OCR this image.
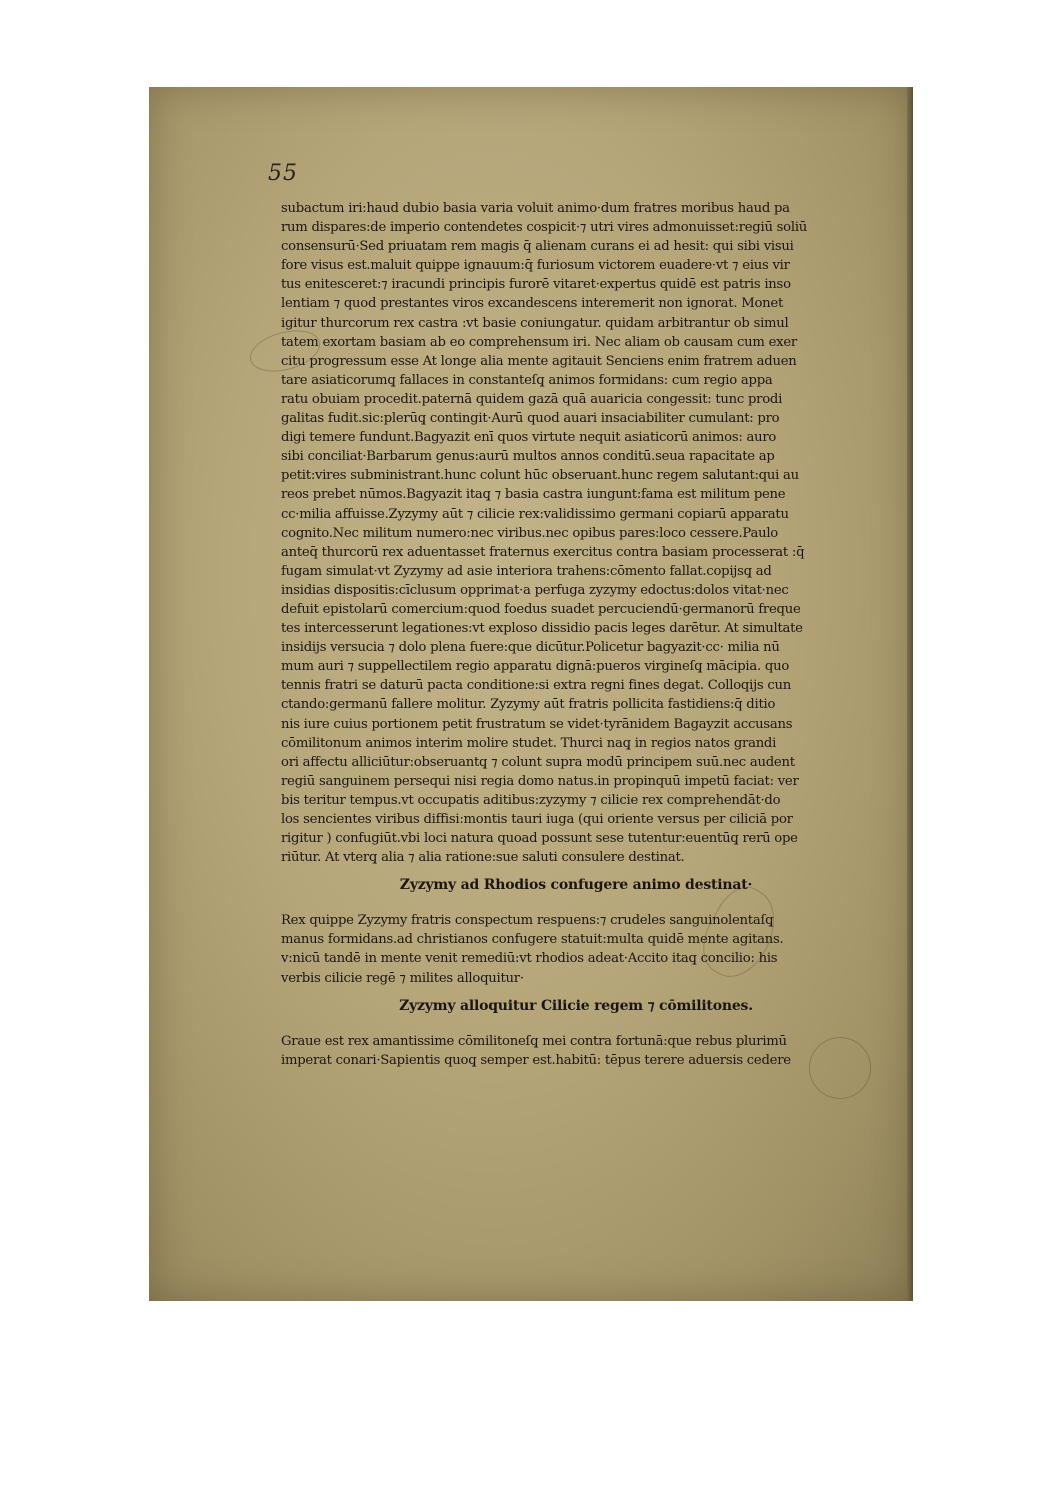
55
subactum iri:haud dubio basia varia voluit animo·dum fratres moribus haud pa
rum dispares:de imperio contendetes cospicit·⁊ utri vires admonuisset:regiū soliū
consensurū·Sed priuatam rem magis q̄ alienam curans ei ad hesit: qui sibi visui
fore visus est.maluit quippe ignauum:q̄ furiosum victorem euadere·vt ⁊ eius vir
tus enitesceret:⁊ iracundi principis furorē vitaret·expertus quidē est patris inso
lentiam ⁊ quod prestantes viros excandescens interemerit non ignorat. Monet
igitur thurcorum rex castra :vt basie coniungatur. quidam arbitrantur ob simul
tatem exortam basiam ab eo comprehensum iri. Nec aliam ob causam cum exer
citu progressum esse At longe alia mente agitauit Senciens enim fratrem aduen
tare asiaticorumq̧ fallaces in constanteſq̧ animos formidans: cum regio appa
ratu obuiam procedit.paternā quidem gazā quā auaricia congessit: tunc prodi
galitas fudit.sic:plerūq̧ contingit·Aurū quod auari insaciabiliter cumulant: pro
digi temere fundunt.Bagyazit enī quos virtute nequit asiaticorū animos: auro
sibi conciliat·Barbarum genus:aurū multos annos conditū.seua rapacitate ap
petit:vires subministrant.hunc colunt hūc obseruant.hunc regem salutant:qui au
reos prebet nūmos.Bagyazit itaq̧ ⁊ basia castra iungunt:fama est militum pene
cc·milia affuisse.Zyzymy aūt ⁊ cilicie rex:validissimo germani copiarū apparatu
cognito.Nec militum numero:nec viribus.nec opibus pares:loco cessere.Paulo
anteq̄ thurcorū rex aduentasset fraternus exercitus contra basiam processerat :q̄
fugam simulat·vt Zyzymy ad asie interiora trahens:cōmento fallat.copijsq̧ ad
insidias dispositis:cīclusum opprimat·a perfuga zyzymy edoctus:dolos vitat·nec
defuit epistolarū comercium:quod foedus suadet percuciendū·germanorū freque
tes intercesserunt legationes:vt explosо dissidio pacis leges darētur. At simultate
insidijs versucia ⁊ dolo plena fuere:que dicūtur.Policetur bagyazit·cc· milia nū
mum auri ⁊ suppellectilem regio apparatu dignā:pueros virgineſq̧ mācipia. quo
tennis fratri se daturū pacta conditione:si extra regni fines degat. Colloqijs cun
ctando:germanū fallere molitur. Zyzymy aūt fratris pollicita fastidiens:q̄ ditio
nis iure cuius portionem petit frustratum se videt·tyrānidem Bagayzit accusans
cōmilitonum animos interim molire studet. Thurci naq̧ in regios natos grandi
ori affectu alliciūtur:obseruantq̧ ⁊ colunt supra modū principem suū.nec audent
regiū sanguinem persequi nisi regia domo natus.in propinquū impetū faciat: ver
bis teritur tempus.vt occupatis aditibus:zyzymy ⁊ cilicie rex comprehendāt·do
los sencientes viribus diffisi:montis tauri iuga (qui oriente versus per ciliciā por
rigitur ) confugiūt.vbi loci natura quoad possunt sese tutentur:euentūq̧ rerū ope
riūtur. At vterq̧ alia ⁊ alia ratione:sue saluti consulere destinat.
Zyzymy ad Rhodios confugere animo destinat·
Rex quippe Zyzymy fratris conspectum respuens:⁊ crudeles sanguinolentaſq̧
manus formidans.ad christianos confugere statuit:multa quidē mente agitans.
v:nicū tandē in mente venit remediū:vt rhodios adeat·Accito itaq̧ concilio: his
verbis cilicie regē ⁊ milites alloquitur·
Zyzymy alloquitur Cilicie regem ⁊ cōmilitones.
Graue est rex amantissime cōmilitoneſq̧ mei contra fortunā:que rebus plurimū
imperat conari·Sapientis quoq̧ semper est.habitū: tēpus terere aduersis cedere
